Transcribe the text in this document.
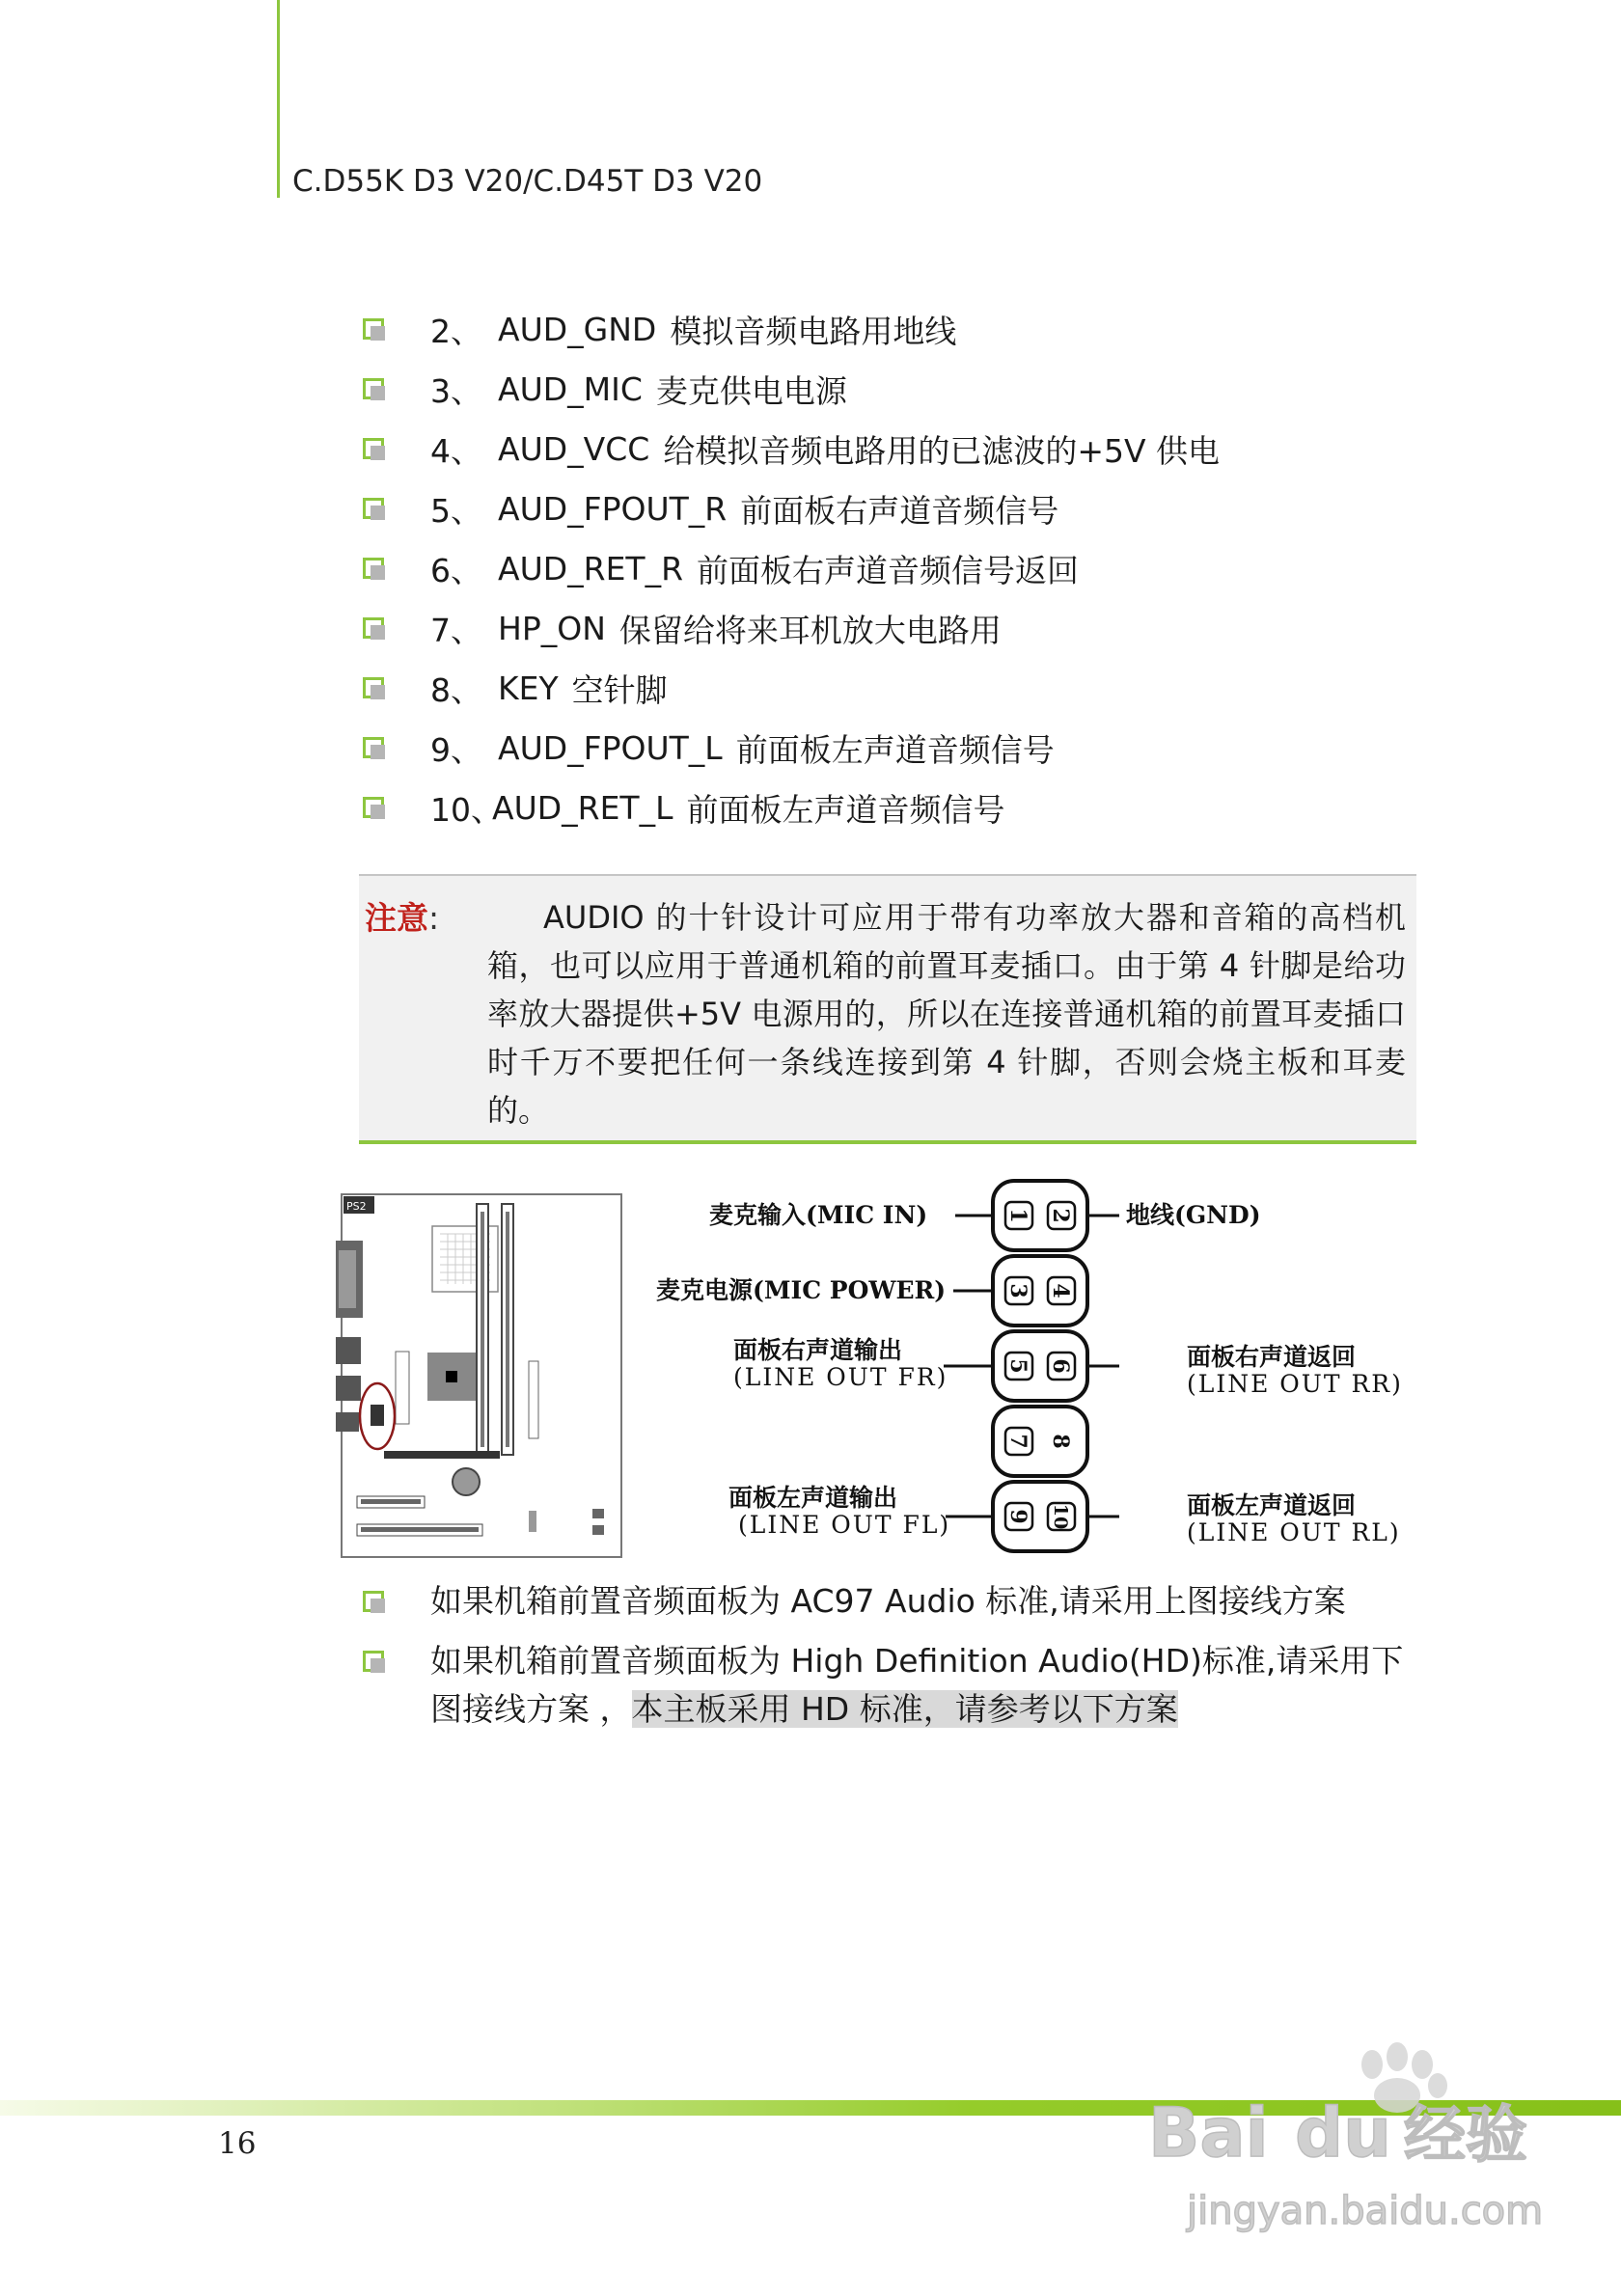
C.D55K D3 V20/C.D45T D3 V20
2、 AUD_GND 模拟音频电路用地线
3、 AUD_MIC 麦克供电电源
4、 AUD_VCC 给模拟音频电路用的已滤波的+5V 供电
5、 AUD_FPOUT_R 前面板右声道音频信号
6、 AUD_RET_R 前面板右声道音频信号返回
7、 HP_ON 保留给将来耳机放大电路用
8、 KEY 空针脚
9、 AUD_FPOUT_L 前面板左声道音频信号
10、
AUD_RET_L 前面板左声道音频信号
注意:	AUDIO 的十针设计可应用于带有功率放大器和音箱的高档机箱，也可以应用于普通机箱的前置耳麦插口。由于第 4 针脚是给功率放大器提供+5V 电源用的，所以在连接普通机箱的前置耳麦插口时千万不要把任何一条线连接到第 4 针脚，否则会烧主板和耳麦的。
PS2
1 2
3 4
5 6
7 8
9 10
麦克输入(MIC IN)
麦克电源(MIC POWER)
面板右声道输出
(LINE OUT FR)
面板左声道输出
(LINE OUT FL)
地线(GND)
面板右声道返回
(LINE OUT RR)
面板左声道返回
(LINE OUT RL)
如果机箱前置音频面板为 AC97 Audio 标准,请采用上图接线方案
如果机箱前置音频面板为 High Definition Audio(HD)标准,请采用下图接线方案 ，本主板采用 HD 标准，请参考以下方案
16	Bai du 经验
jingyan.baidu.com
